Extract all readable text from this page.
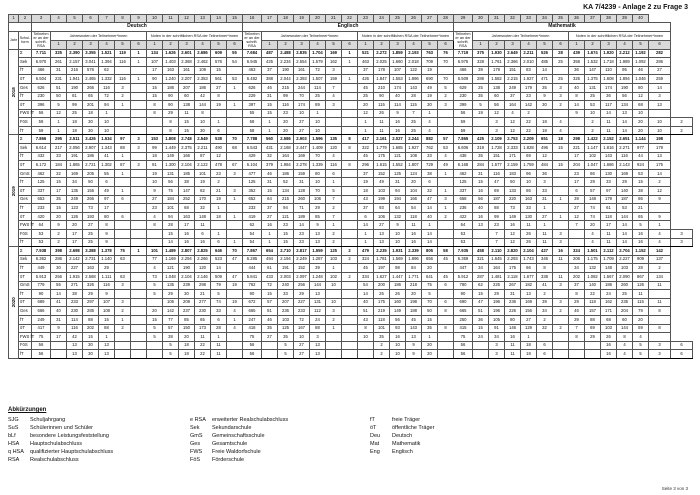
KA 7/4239 - Anlage 2 zu Frage 3
1	2	3	4	5	6	7	8	9	10	11	12	13	14	15	16	17	18	19	20	21	22	23	24	25	26	27	28	29	30	31	32	33	34	35	36	37	38	39	40		
		Deutsch													Englisch													Mathematik													
Jahr	Schul- form	Teilnehm er an der schrift. RSA	Jahresnoten der Teilnehmer*innen						Noten in der schriftlichen RSA der Teilnehmer*innen						Teilnehm er an der schrift. RSA	Jahresnoten der Teilnehmer*innen						Noten in der schriftlichen RSA der Teilnehmer*innen						Teilnehm er an der schrift. RSA	Jahresnoten der Teilnehmer*innen						Noten in der schriftlichen RSA der Teilnehmer*innen						
			1	2	3	4	5	6	1	2	3	4	5	6		1	2	3	4	5	6	1	2	3	4	5	6		1	2	3	4	5	6	1	2	3	4	5	6	
2018	Σ	7.711	325	2.390	3.355	1.521	119	1	134	1.626	2.601	2.686	609	55	7.684	487	2.488	2.835	1.704	169	1	521	2.272	1.859	2.193	763	76	7.719	375	1.930	2.649	2.211	526	28	439	1.674	1.920	2.212	1.192	282	
	Sek	6.970	261	2.157	3.041	1.394	116	1	107	1.403	2.368	2.462	576	54	6.945	425	2.234	2.554	1.579	162	1	463	2.025	1.660	2.018	709	70	6.975	328	1.761	2.366	2.010	485	25	358	1.532	1.718	1.989	1.092	286	
	fT	466	31	216	576	62			17	163	161	109	15		463	37	190	161	72	3		37	178	107	122	19		466	39	179	151	83	14		36	147	110	95	46	27	
	öT	6.504	231	1.941	2.465	1.332	116	1	90	1.240	2.207	2.353	561	53	6.482	388	2.044	2.393	1.507	159	1	426	1.847	1.553	1.896	690	70	6.509	289	1.582	2.215	1.927	471	25	325	1.375	1.608	1.894	1.046	259	
	Ges	626	51	190	266	116	3		15	186	207	186	27	1	626	46	215	244	114	7		45	210	174	143	49	5	629	25	138	249	179	35	3	40	131	174	190	80	14	
	fT	230	50	81	65	72	2		15	90	60	42	8		229	31	99	70	25	4		25	90	40	28	19	2	230	35	60	37	23	9	3	8	25	36	56	12	3	
	öT	396	5	99	201	94	1		8	90	138	144	19	1	397	15	116	174	89	3		20	115	114	115	30	3	399	5	56	164	142	30	2	14	53	117	134	68	13	
	FWS fT	56	12	25	18	1			8	29	11	8			55	15	23	10	1			12	26	9	7	1		56	19	12	4	2			9	10	14	13	10		
	FöS	59	1	18	30	10				8	15	10	1		58	1	20	27	10			1	11	16	25	4		59		3	12	22	18	4		2	11	14	20	10	2
	fT	59	1	18	30	10				8	15	30	6		58	1	20	27	10			1	11	16	25	4		59		3	12	22	18	4		2	11	14	20	10	2
2019	Σ	7.866	295	2.511	3.426	1.534	97	3	153	1.808	2.748	2.549	538	70	7.788	560	2.586	2.903	1.596	135	8	417	2.161	2.027	2.244	882	57	7.865	425	2.109	2.753	2.209	651	18	298	1.422	2.152	2.651	1.144	198	
	Sek	6.614	217	2.056	2.907	1.343	88	3	99	1.449	2.375	2.211	490	68	6.543	431	2.168	2.447	1.409	120	8	322	1.779	1.685	1.927	762	53	6.606	319	1.728	2.333	1.828	496	15	221	1.147	1.816	2.271	977	179	
	fT	432	33	191	186	41	1		18	149	166	87	12		429	32	164	169	70	4		45	175	121	108	33	4	438	35	151	171	69	12		17	102	143	116	44	13	
	öT	6.172	184	1.865	2.721	1.302	87	3	81	1.300	2.104	2.122	478	67	6.104	379	1.984	2.278	1.339	116	8	296	1.615	1.552	1.807	729	49	6.168	284	1.577	2.159	1.759	484	15	204	1.047	1.686	2.143	924	175	
	GmS	462	32	169	205	55	1		19	131	185	101	23	3	477	46	186	159	80	6		37	152	125	124	38	1	462	31	116	183	96	36		23	86	130	169	53	14	
	fT	125	15	34	50	6			10	56	38	19	2		125	31	52	31	10	1		19	49	31	20	6		125	15	47	50	10	3		17	29	33	29	15	2	
	öT	337	17	135	155	49	1		9	75	147	82	21	3	352	15	134	128	70	5		18	103	94	104	32	1	337	16	69	133	86	33		6	57	97	140	38	12	
	Ges	653	35	249	266	97	6		27	184	252	170	19	1	652	64	215	260	106	7		43	199	194	166	47	3	658	56	187	220	163	31	1	39	148	179	187	86	9	
	fT	233	15	123	73	17			23	101	68	32	1		233	37	94	71	29	2		37	93	64	54	14	1	236	40	88	73	33	1		27	74	61	53	21		
	öT	420	20	126	193	80	6		4	94	163	148	18	1	419	27	121	189	85	7		6	106	132	118	40	2	422	16	99	149	130	27	1	12	74	118	144	65	9	
	FWS fT	64	9	20	27	8			8	28	17	11			62	16	23	14	9	1		14	27	9	11	1		64	13	23	16	11	1		7	20	17	14	5	1	
	FöS	53	2	17	25	9				15	16	6	1		54	1	15	23	13	2		1	13	10	16	14		53		7	12	26	11	3		4	11	14	16	4	3
	fT	53	2	17	25	9				14	16	16	6	1	54	1	15	23	13	2		1	13	10	16	14		53		7	12	26	11	3		4	11	14	16	4	3
2020	Σ	7.938	398	2.698	3.388	1.378	75	1	101	1.489	2.807	2.825	646	70	7.867	654	2.710	2.817	1.559	125	2	479	2.235	1.931	2.339	805	58	7.935	458	2.110	2.820	2.104	427	16	324	1.501	2.112	2.704	1.152	142	
	Sek	6.362	286	2.142	2.731	1.140	63		77	1.169	2.294	2.266	523	47	6.285	494	2.194	2.249	1.287	103	2	324	1.781	1.569	1.896	656	45	6.359	321	1.645	2.293	1.743	346	11	206	1.175	1.709	2.227	909	137	
	fT	449	30	227	163	29			4	121	190	120	14		444	61	191	152	39	1		45	197	98	84	20		447	34	164	175	66	8		34	132	148	103	28	2	
	öT	5.913	256	1.915	2.568	1.111	63		73	1.048	2.104	2.146	509	47	5.841	433	2.003	2.097	1.248	102	2	334	1.627	1.447	1.771	641	45	5.912	287	1.481	2.118	1.677	338	11	202	1.082	1.567	2.090	867	134	
	GmS	779	55	271	326	116	3		5	135	239	298	79	19	762	72	240	256	144	10		54	200	186	218	75	6	780	62	225	267	182	41	3	37	140	186	260	126	11	
	fT	90	14	38	29	9			5	29	30	21	5		90	15	33	29	13			14	25	26	20	5		90	15	29	31	13	2		8	22	24	25	11		
	öT	689	41	233	297	107	3			106	209	277	74	19	672	57	207	227	131	10		40	175	160	198	70	6	690	47	196	236	169	39	3	29	118	162	235	115	11	
	Ges	666	40	230	285	108	2		20	142	237	230	33	4	665	81	236	233	112	3		51	219	149	188	50	8	665	51	196	226	156	34	2	46	157	171	204	79	8	
	fT	249	31	114	88	15	1		15	77	85	65	6	1	247	46	103	72	24	2		43	118	56	45	15		250	36	105	80	27	2		39	88	68	60	20		
	öT	417	9	116	202	88	2		5	57	150	173	28	4	418	35	125	167	88	1		8	101	93	143	35	8	415	15	91	146	129	32	2	7	69	103	144	59	8	
	FWS fT	75	17	42	15	1			5	38	20	11	1		75	27	35	10	3			10	35	16	13	1		75	24	34	16	1			8	29	26	8	4		
	FöS	56		13	30	13				5	18	22	11		56		5	27	13				2	10	9	20		56		3	11	18	6				16	4	5	3	6
	fT	56		13	30	13				5	18	22	11		56		5	27	13				2	10	9	20		56		3	11	18	6				16	4	5	3	6
Abkürzungen
SJG	Schuljahrgang
SuS	Schülerinnen und Schüler
bLf	besondere Leistungsfeststellung
HSA	Hauptschulabschluss
q HSA	qualifizierter Hauptschulabschluss
RSA	Realschulabschluss
e RSA	erweiterter Realschulabschluss
Sek	Sekundarschule
GmS	Gemeinschaftsschule
Ges	Gesamtschule
FWS	Freie Waldorfschule
FöS	Förderschule
fT	freie Träger
öT	öffentliche Träger
Deu	Deutsch
Mat	Mathematik
Eng	Englisch
Seite 3 von 3
